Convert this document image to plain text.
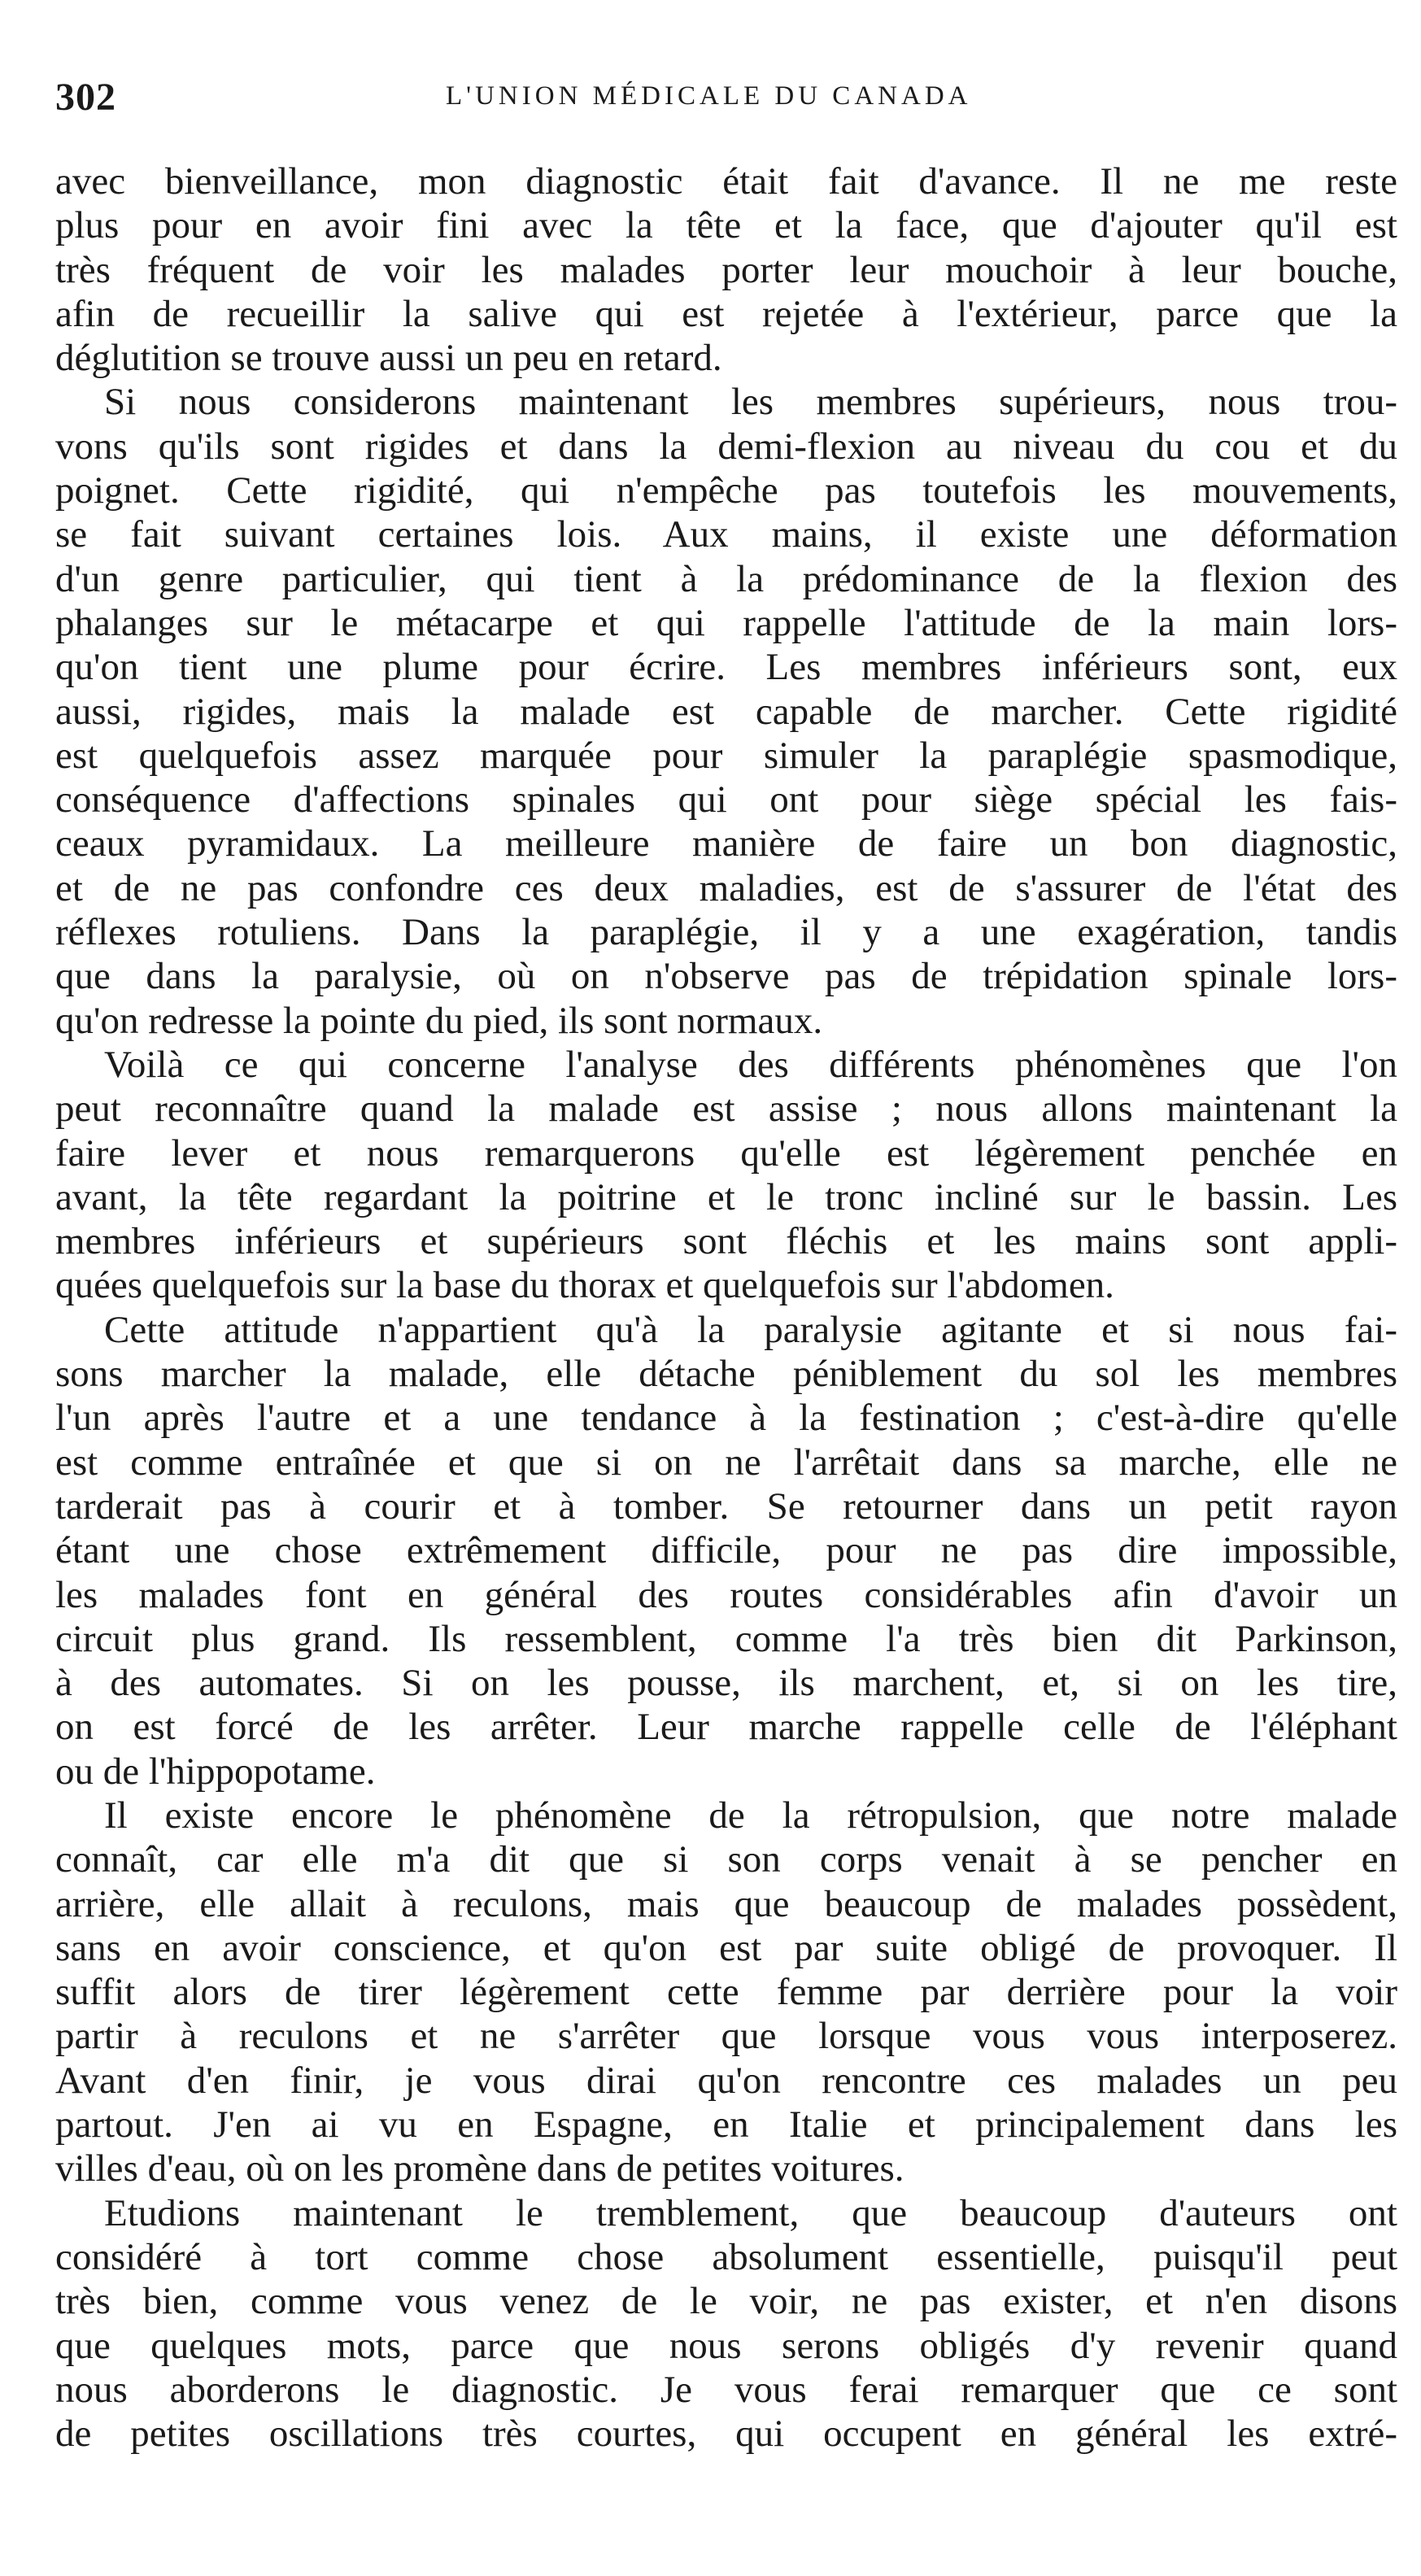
302	L'UNION MÉDICALE DU CANADA
avec bienveillance, mon diagnostic était fait d'avance. Il ne me reste
plus pour en avoir fini avec la tête et la face, que d'ajouter qu'il est
très fréquent de voir les malades porter leur mouchoir à leur bouche,
afin de recueillir la salive qui est rejetée à l'extérieur, parce que la
déglutition se trouve aussi un peu en retard.
Si nous considerons maintenant les membres supérieurs, nous trou-
vons qu'ils sont rigides et dans la demi-flexion au niveau du cou et du
poignet. Cette rigidité, qui n'empêche pas toutefois les mouvements,
se fait suivant certaines lois. Aux mains, il existe une déformation
d'un genre particulier, qui tient à la prédominance de la flexion des
phalanges sur le métacarpe et qui rappelle l'attitude de la main lors-
qu'on tient une plume pour écrire. Les membres inférieurs sont, eux
aussi, rigides, mais la malade est capable de marcher. Cette rigidité
est quelquefois assez marquée pour simuler la paraplégie spasmodique,
conséquence d'affections spinales qui ont pour siège spécial les fais-
ceaux pyramidaux. La meilleure manière de faire un bon diagnostic,
et de ne pas confondre ces deux maladies, est de s'assurer de l'état des
réflexes rotuliens. Dans la paraplégie, il y a une exagération, tandis
que dans la paralysie, où on n'observe pas de trépidation spinale lors-
qu'on redresse la pointe du pied, ils sont normaux.
Voilà ce qui concerne l'analyse des différents phénomènes que l'on
peut reconnaître quand la malade est assise ; nous allons maintenant la
faire lever et nous remarquerons qu'elle est légèrement penchée en
avant, la tête regardant la poitrine et le tronc incliné sur le bassin. Les
membres inférieurs et supérieurs sont fléchis et les mains sont appli-
quées quelquefois sur la base du thorax et quelquefois sur l'abdomen.
Cette attitude n'appartient qu'à la paralysie agitante et si nous fai-
sons marcher la malade, elle détache péniblement du sol les membres
l'un après l'autre et a une tendance à la festination ; c'est-à-dire qu'elle
est comme entraînée et que si on ne l'arrêtait dans sa marche, elle ne
tarderait pas à courir et à tomber. Se retourner dans un petit rayon
étant une chose extrêmement difficile, pour ne pas dire impossible,
les malades font en général des routes considérables afin d'avoir un
circuit plus grand. Ils ressemblent, comme l'a très bien dit Parkinson,
à des automates. Si on les pousse, ils marchent, et, si on les tire,
on est forcé de les arrêter. Leur marche rappelle celle de l'éléphant
ou de l'hippopotame.
Il existe encore le phénomène de la rétropulsion, que notre malade
connaît, car elle m'a dit que si son corps venait à se pencher en
arrière, elle allait à reculons, mais que beaucoup de malades possèdent,
sans en avoir conscience, et qu'on est par suite obligé de provoquer. Il
suffit alors de tirer légèrement cette femme par derrière pour la voir
partir à reculons et ne s'arrêter que lorsque vous vous interposerez.
Avant d'en finir, je vous dirai qu'on rencontre ces malades un peu
partout. J'en ai vu en Espagne, en Italie et principalement dans les
villes d'eau, où on les promène dans de petites voitures.
Etudions maintenant le tremblement, que beaucoup d'auteurs ont
considéré à tort comme chose absolument essentielle, puisqu'il peut
très bien, comme vous venez de le voir, ne pas exister, et n'en disons
que quelques mots, parce que nous serons obligés d'y revenir quand
nous aborderons le diagnostic. Je vous ferai remarquer que ce sont
de petites oscillations très courtes, qui occupent en général les extré-
